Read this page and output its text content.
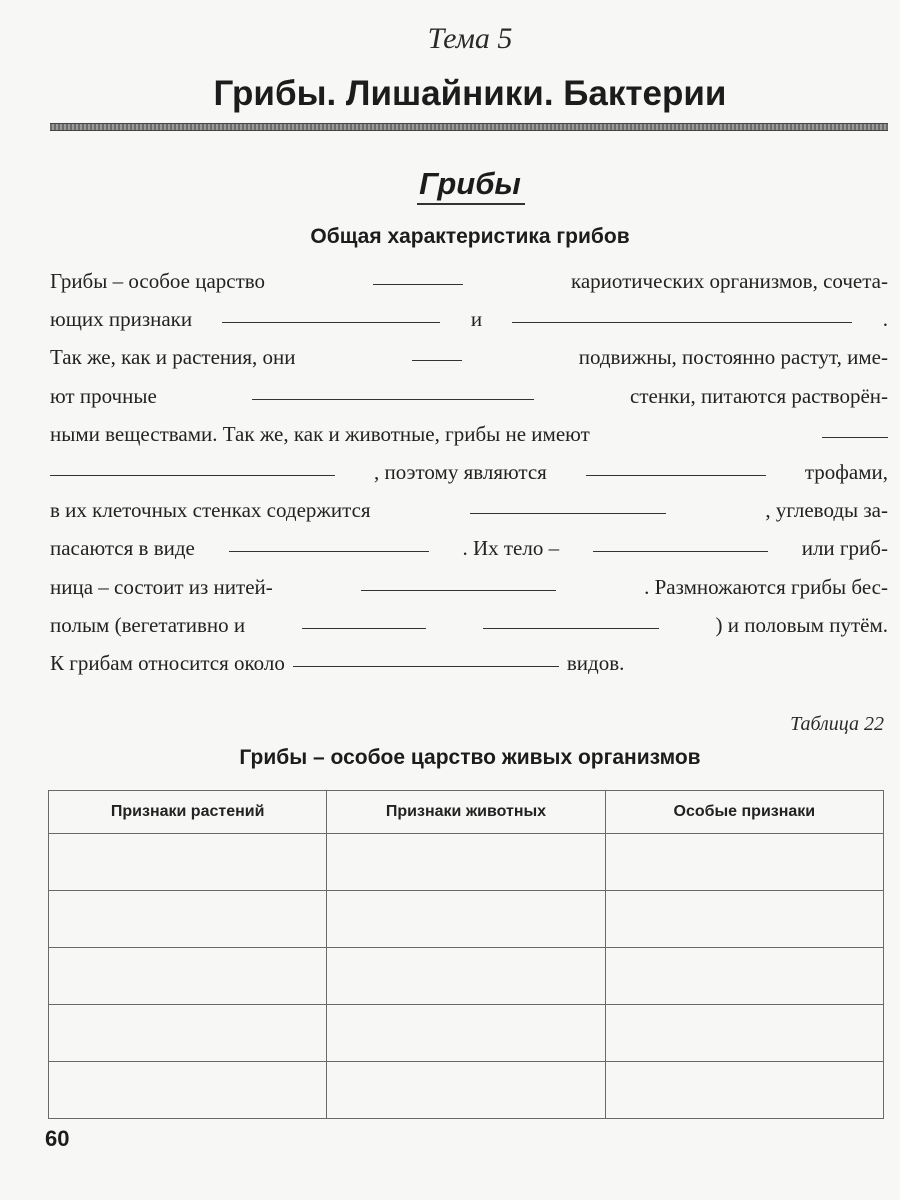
Тема 5
Грибы. Лишайники. Бактерии
Грибы
Общая характеристика грибов
Грибы – особое царство	кариотических организмов, сочета-
ющих признаки	и	.
Так же, как и растения, они	подвижны, постоянно растут, име-
ют прочные	стенки, питаются растворён-
ными веществами. Так же, как и животные, грибы не имеют
, поэтому являются	трофами,
в их клеточных стенках содержится	, углеводы за-
пасаются в виде	. Их тело –	или гриб-
ница – состоит из нитей-	. Размножаются грибы бес-
полым (вегетативно и	) и половым путём.
К грибам относится около	видов.
Таблица 22
Грибы – особое царство живых организмов
Признаки растений	Признаки животных	Особые признаки

60
